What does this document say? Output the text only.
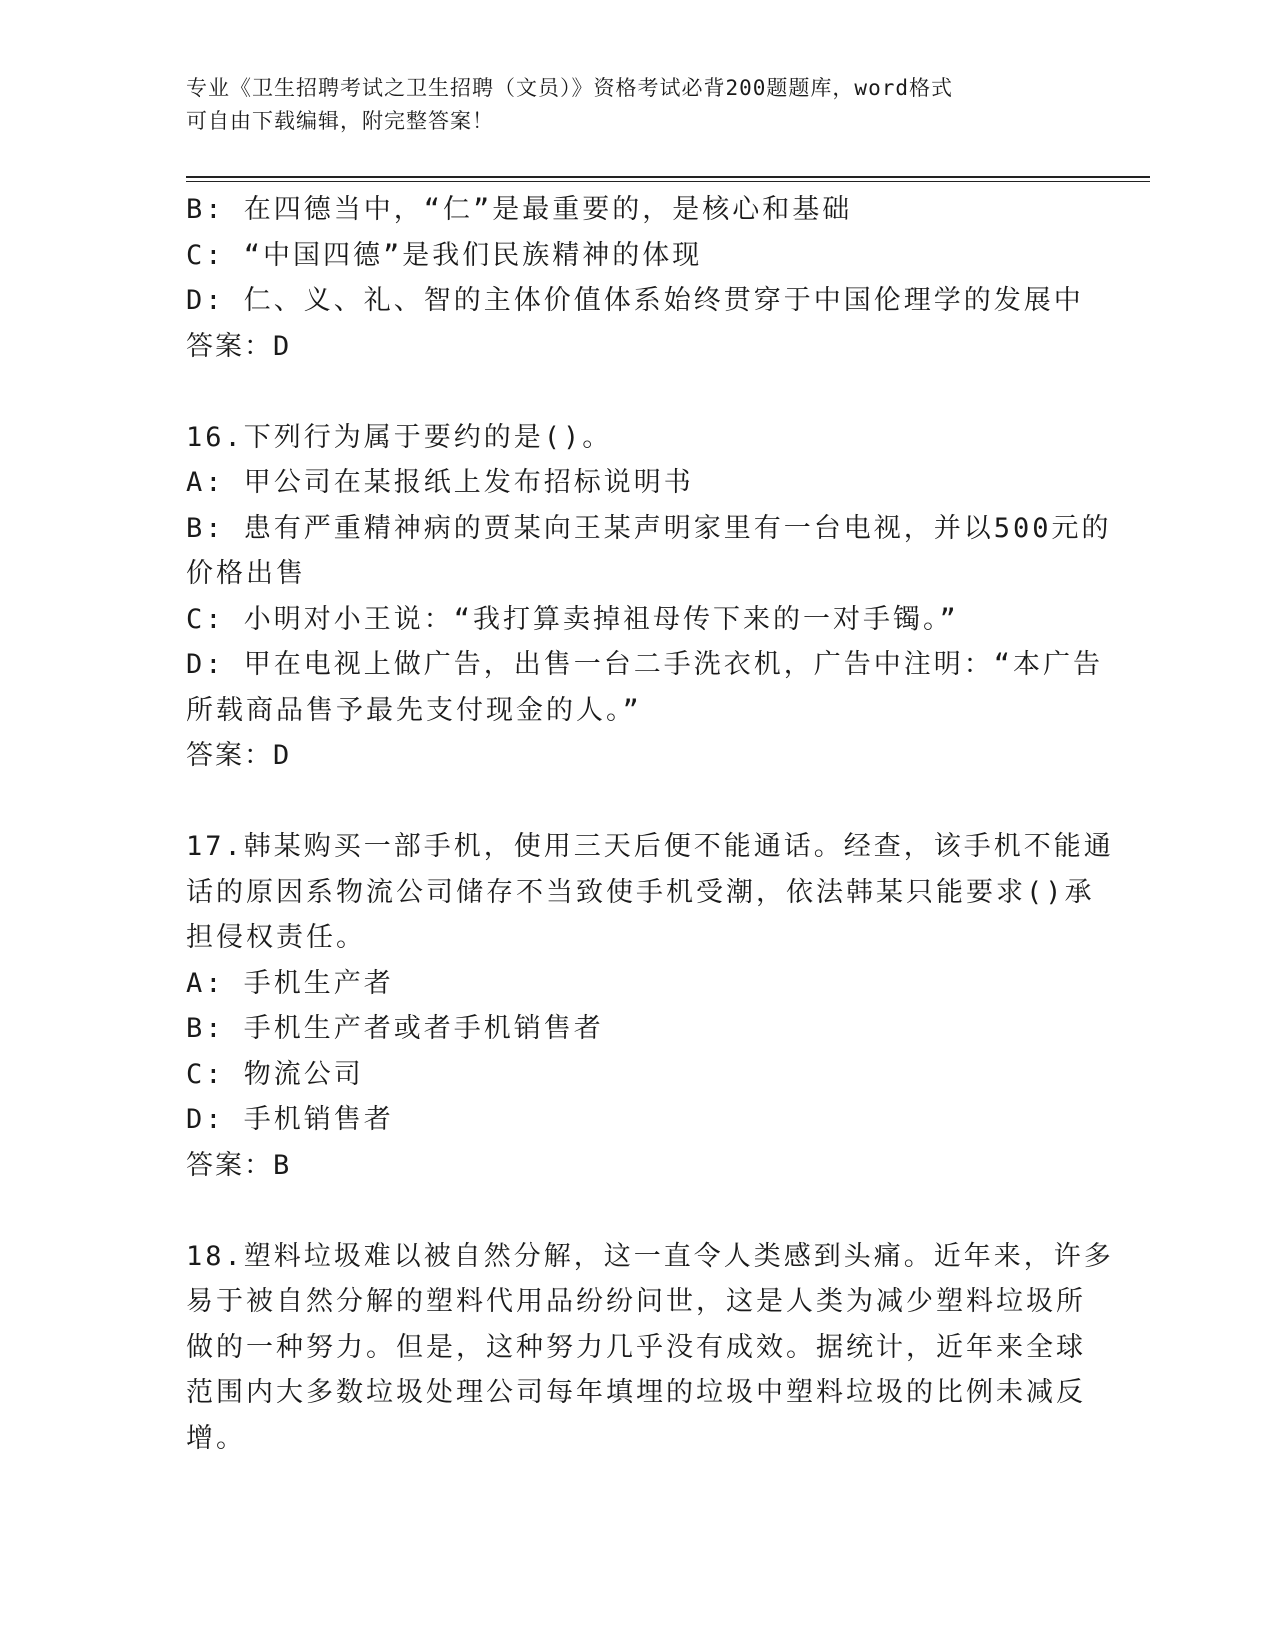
专业《卫生招聘考试之卫生招聘（文员）》资格考试必背200题题库，word格式
可自由下载编辑，附完整答案！
B: 在四德当中，“仁”是最重要的，是核心和基础
C: “中国四德”是我们民族精神的体现
D: 仁、义、礼、智的主体价值体系始终贯穿于中国伦理学的发展中
答案：D
16.下列行为属于要约的是()。
A: 甲公司在某报纸上发布招标说明书
B: 患有严重精神病的贾某向王某声明家里有一台电视，并以500元的
价格出售
C: 小明对小王说：“我打算卖掉祖母传下来的一对手镯。”
D: 甲在电视上做广告，出售一台二手洗衣机，广告中注明：“本广告
所载商品售予最先支付现金的人。”
答案：D
17.韩某购买一部手机，使用三天后便不能通话。经查，该手机不能通
话的原因系物流公司储存不当致使手机受潮，依法韩某只能要求()承
担侵权责任。
A: 手机生产者
B: 手机生产者或者手机销售者
C: 物流公司
D: 手机销售者
答案：B
18.塑料垃圾难以被自然分解，这一直令人类感到头痛。近年来，许多
易于被自然分解的塑料代用品纷纷问世，这是人类为减少塑料垃圾所
做的一种努力。但是，这种努力几乎没有成效。据统计，近年来全球
范围内大多数垃圾处理公司每年填埋的垃圾中塑料垃圾的比例未减反
增。
